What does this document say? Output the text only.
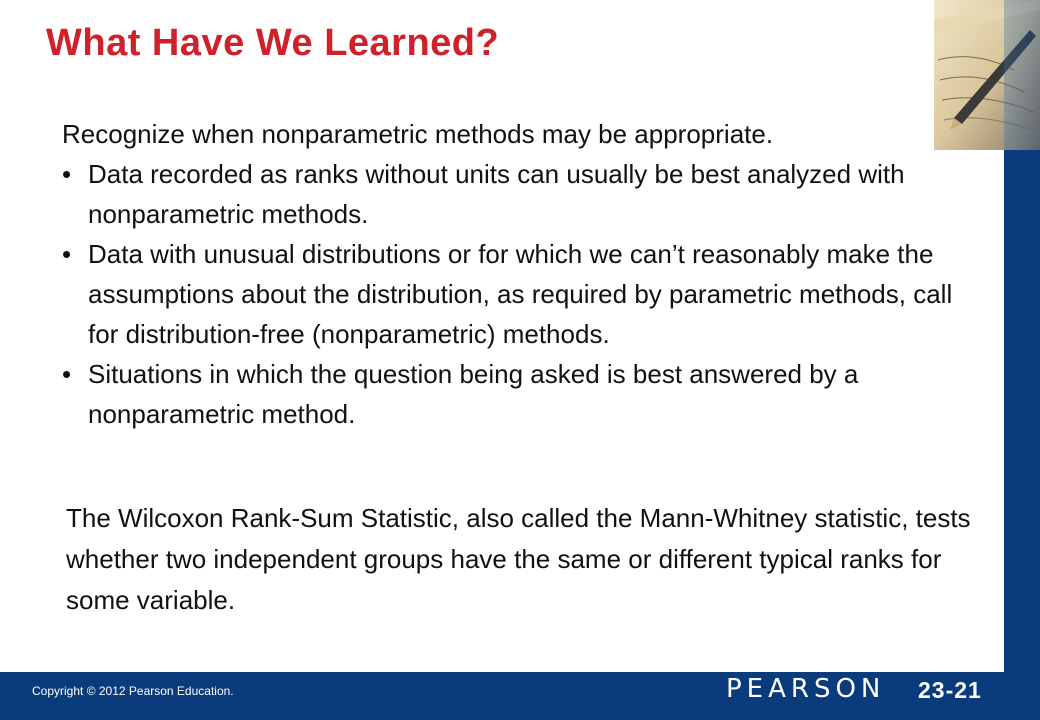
What Have We Learned?
Recognize when nonparametric methods may be appropriate.
• Data recorded as ranks without units can usually be best analyzed with nonparametric methods.
• Data with unusual distributions or for which we can’t reasonably make the assumptions about the distribution, as required by parametric methods, call for distribution-free (nonparametric) methods.
• Situations in which the question being asked is best answered by a nonparametric method.
The Wilcoxon Rank-Sum Statistic, also called the Mann-Whitney statistic, tests whether two independent groups have the same or different typical ranks for some variable.
Copyright © 2012 Pearson Education.	PEARSON 23-21
